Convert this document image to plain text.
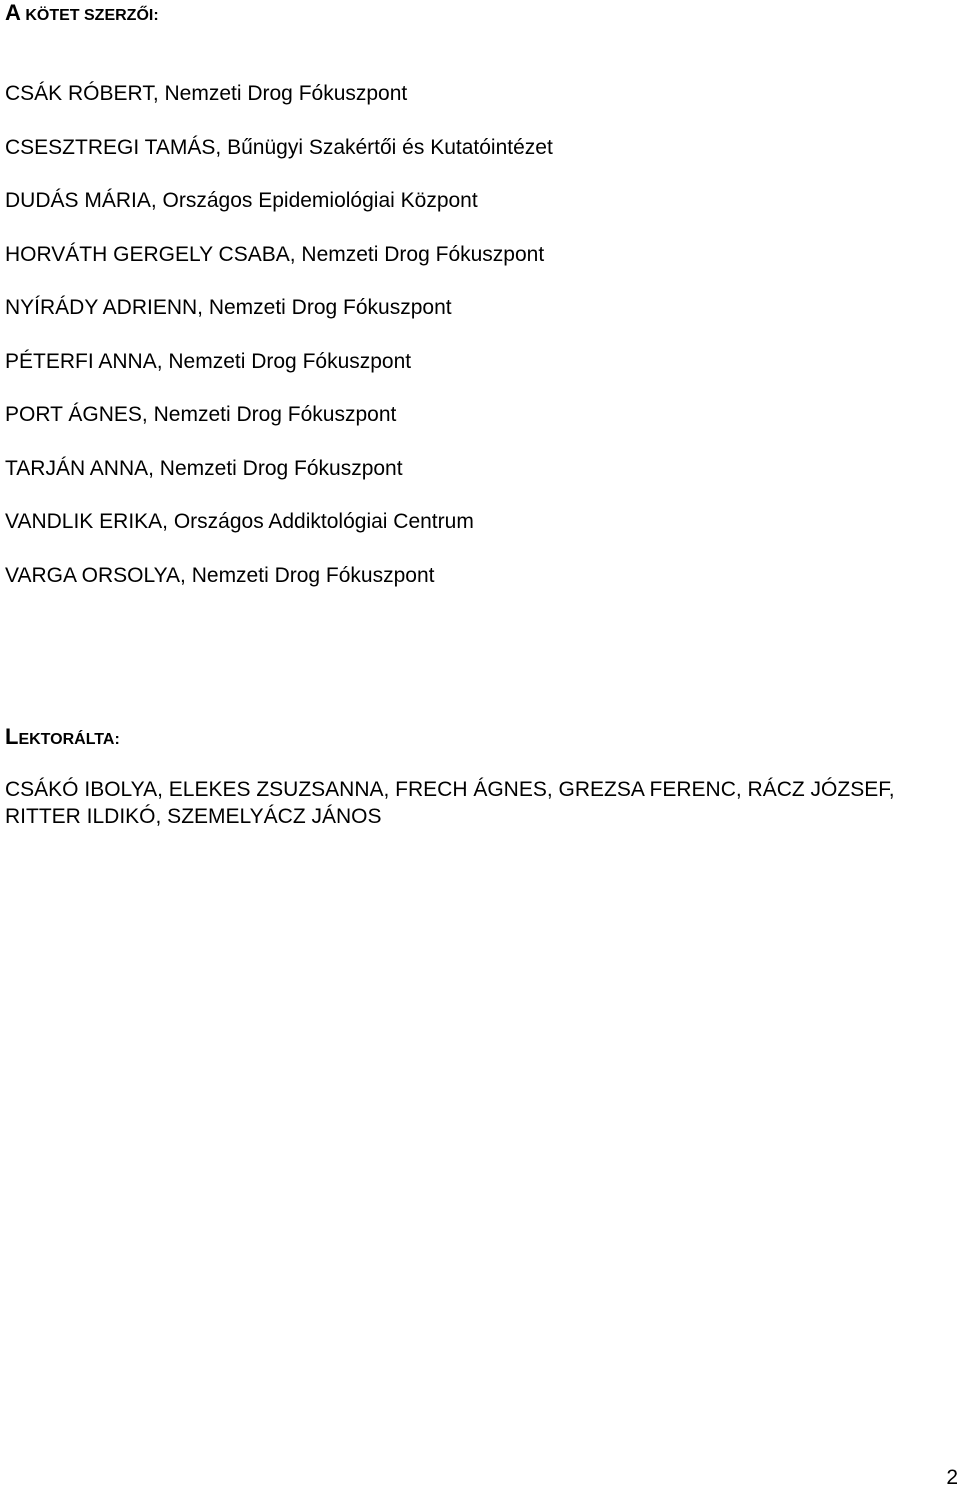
A KÖTET SZERZŐI:
CSÁK RÓBERT, Nemzeti Drog Fókuszpont
CSESZTREGI TAMÁS, Bűnügyi Szakértői és Kutatóintézet
DUDÁS MÁRIA, Országos Epidemiológiai Központ
HORVÁTH GERGELY CSABA, Nemzeti Drog Fókuszpont
NYÍRÁDY ADRIENN, Nemzeti Drog Fókuszpont
PÉTERFI ANNA, Nemzeti Drog Fókuszpont
PORT ÁGNES, Nemzeti Drog Fókuszpont
TARJÁN ANNA, Nemzeti Drog Fókuszpont
VANDLIK ERIKA, Országos Addiktológiai Centrum
VARGA ORSOLYA, Nemzeti Drog Fókuszpont
LEKTORÁLTA:

CSÁKÓ IBOLYA, ELEKES ZSUZSANNA, FRECH ÁGNES, GREZSA FERENC, RÁCZ JÓZSEF, RITTER ILDIKÓ, SZEMELYÁCZ JÁNOS

2
